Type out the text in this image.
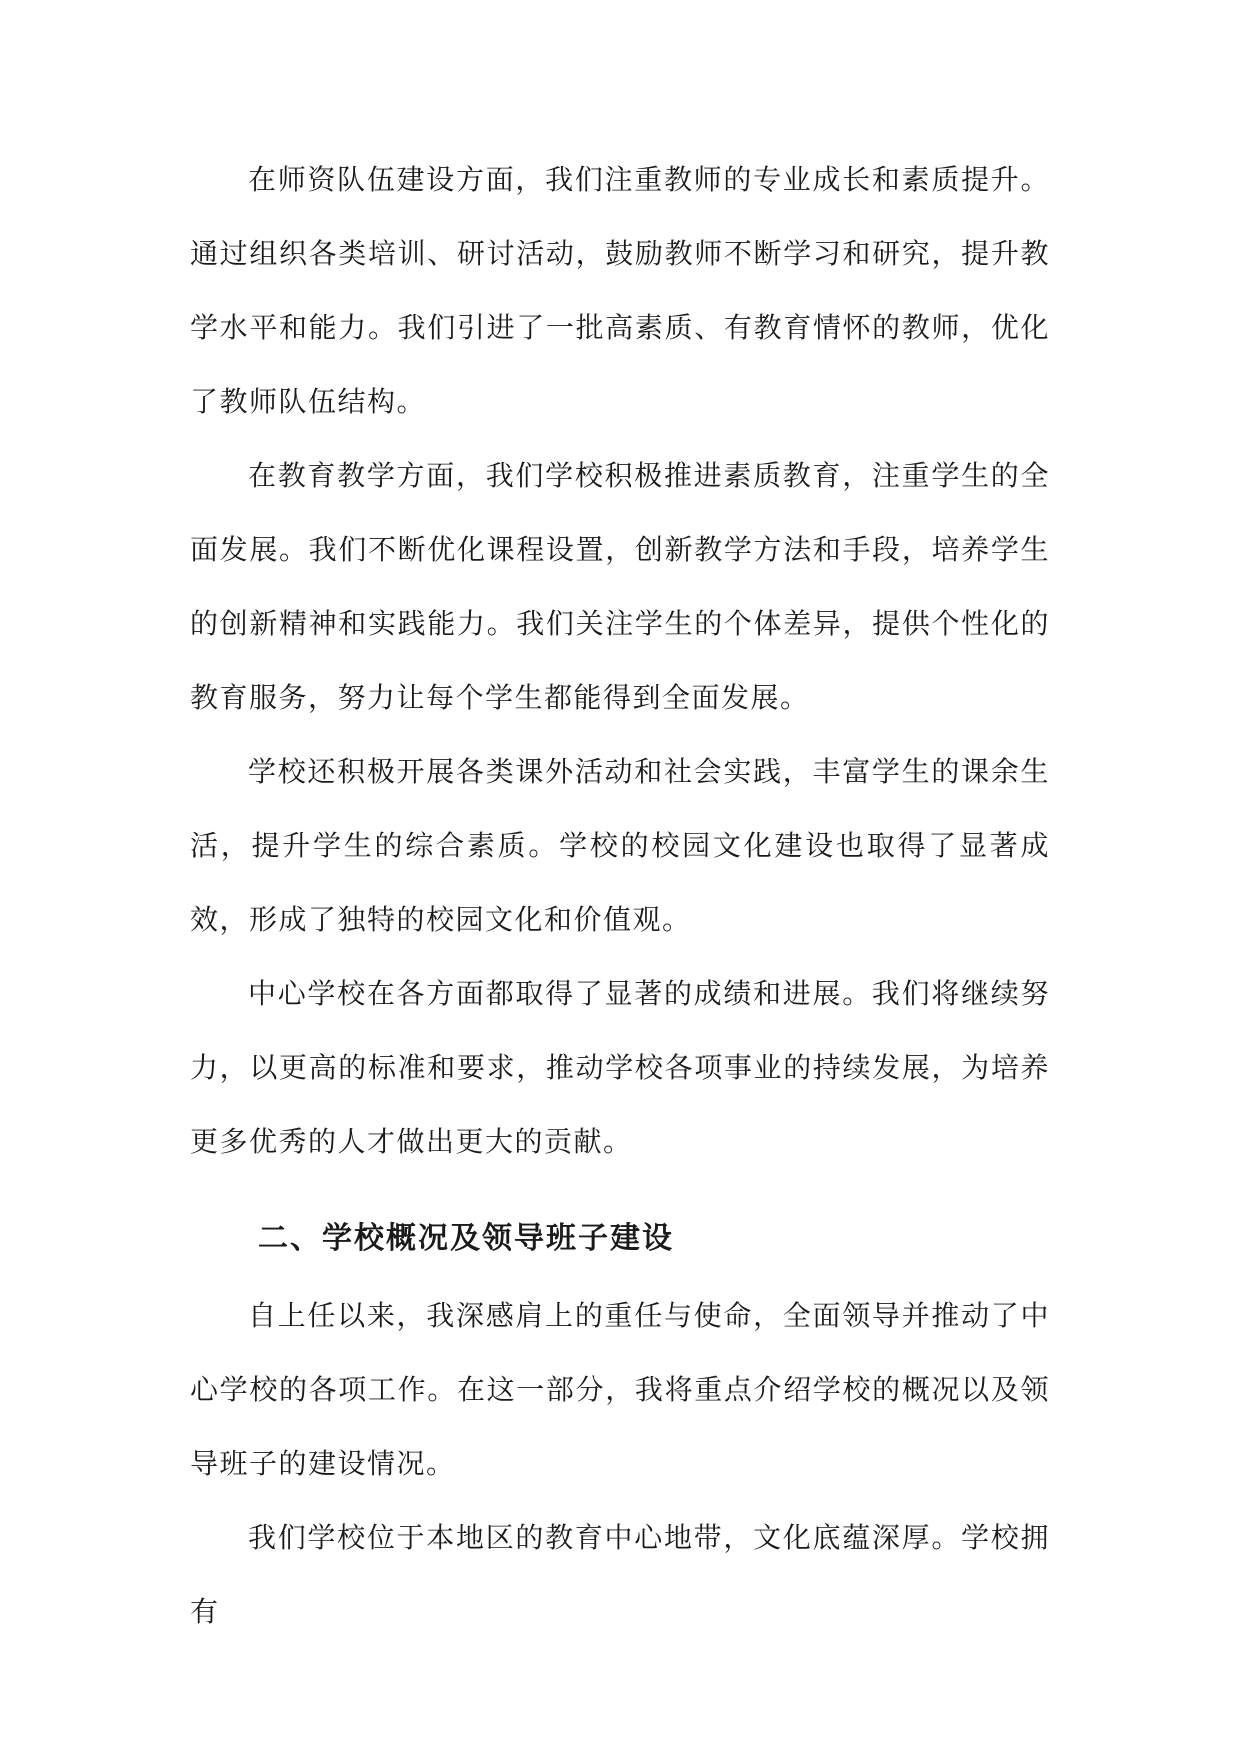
在师资队伍建设方面，我们注重教师的专业成长和素质提升。通过组织各类培训、研讨活动，鼓励教师不断学习和研究，提升教学水平和能力。我们引进了一批高素质、有教育情怀的教师，优化了教师队伍结构。

在教育教学方面，我们学校积极推进素质教育，注重学生的全面发展。我们不断优化课程设置，创新教学方法和手段，培养学生的创新精神和实践能力。我们关注学生的个体差异，提供个性化的教育服务，努力让每个学生都能得到全面发展。

学校还积极开展各类课外活动和社会实践，丰富学生的课余生活，提升学生的综合素质。学校的校园文化建设也取得了显著成效，形成了独特的校园文化和价值观。

中心学校在各方面都取得了显著的成绩和进展。我们将继续努力，以更高的标准和要求，推动学校各项事业的持续发展，为培养更多优秀的人才做出更大的贡献。

二、学校概况及领导班子建设

自上任以来，我深感肩上的重任与使命，全面领导并推动了中心学校的各项工作。在这一部分，我将重点介绍学校的概况以及领导班子的建设情况。

我们学校位于本地区的教育中心地带，文化底蕴深厚。学校拥有
